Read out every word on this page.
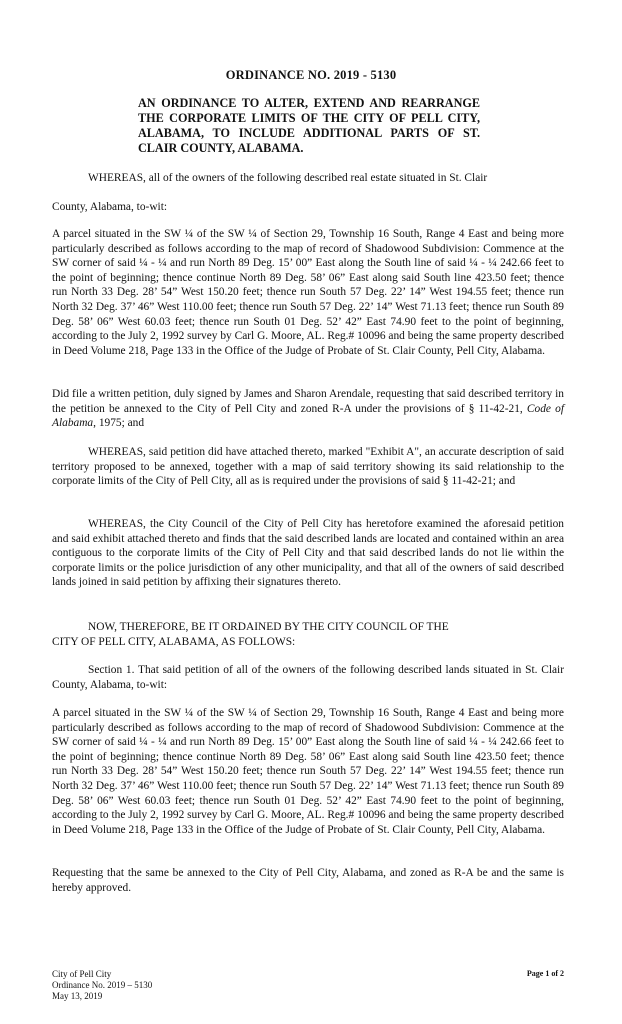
ORDINANCE NO. 2019 - 5130
AN ORDINANCE TO ALTER, EXTEND AND REARRANGE THE CORPORATE LIMITS OF THE CITY OF PELL CITY, ALABAMA, TO INCLUDE ADDITIONAL PARTS OF ST. CLAIR COUNTY, ALABAMA.

WHEREAS, all of the owners of the following described real estate situated in St. Clair

County, Alabama, to-wit:

A parcel situated in the SW ¼ of the SW ¼ of Section 29, Township 16 South, Range 4 East and being more particularly described as follows according to the map of record of Shadowood Subdivision: Commence at the SW corner of said ¼ - ¼ and run North 89 Deg. 15’ 00” East along the South line of said ¼ - ¼ 242.66 feet to the point of beginning; thence continue North 89 Deg. 58’ 06” East along said South line 423.50 feet; thence run North 33 Deg. 28’ 54” West 150.20 feet; thence run South 57 Deg. 22’ 14” West 194.55 feet; thence run North 32 Deg. 37’ 46” West 110.00 feet; thence run South 57 Deg. 22’ 14” West 71.13 feet; thence run South 89 Deg. 58’ 06” West 60.03 feet; thence run South 01 Deg. 52’ 42” East 74.90 feet to the point of beginning, according to the July 2, 1992 survey by Carl G. Moore, AL. Reg.# 10096 and being the same property described in Deed Volume 218, Page 133 in the Office of the Judge of Probate of St. Clair County, Pell City, Alabama.

Did file a written petition, duly signed by James and Sharon Arendale, requesting that said described territory in the petition be annexed to the City of Pell City and zoned R-A under the provisions of § 11-42-21, Code of Alabama, 1975; and

WHEREAS, said petition did have attached thereto, marked "Exhibit A", an accurate description of said territory proposed to be annexed, together with a map of said territory showing its said relationship to the corporate limits of the City of Pell City, all as is required under the provisions of said § 11-42-21; and

WHEREAS, the City Council of the City of Pell City has heretofore examined the aforesaid petition and said exhibit attached thereto and finds that the said described lands are located and contained within an area contiguous to the corporate limits of the City of Pell City and that said described lands do not lie within the corporate limits or the police jurisdiction of any other municipality, and that all of the owners of said described lands joined in said petition by affixing their signatures thereto.

NOW, THEREFORE, BE IT ORDAINED BY THE CITY COUNCIL OF THE

CITY OF PELL CITY, ALABAMA, AS FOLLOWS:

Section 1. That said petition of all of the owners of the following described lands situated in St. Clair County, Alabama, to-wit:

A parcel situated in the SW ¼ of the SW ¼ of Section 29, Township 16 South, Range 4 East and being more particularly described as follows according to the map of record of Shadowood Subdivision: Commence at the SW corner of said ¼ - ¼ and run North 89 Deg. 15’ 00” East along the South line of said ¼ - ¼ 242.66 feet to the point of beginning; thence continue North 89 Deg. 58’ 06” East along said South line 423.50 feet; thence run North 33 Deg. 28’ 54” West 150.20 feet; thence run South 57 Deg. 22’ 14” West 194.55 feet; thence run North 32 Deg. 37’ 46” West 110.00 feet; thence run South 57 Deg. 22’ 14” West 71.13 feet; thence run South 89 Deg. 58’ 06” West 60.03 feet; thence run South 01 Deg. 52’ 42” East 74.90 feet to the point of beginning, according to the July 2, 1992 survey by Carl G. Moore, AL. Reg.# 10096 and being the same property described in Deed Volume 218, Page 133 in the Office of the Judge of Probate of St. Clair County, Pell City, Alabama.

Requesting that the same be annexed to the City of Pell City, Alabama, and zoned as R-A be and the same is hereby approved.

City of Pell City
Ordinance No. 2019 – 5130
May 13, 2019
Page 1 of 2
